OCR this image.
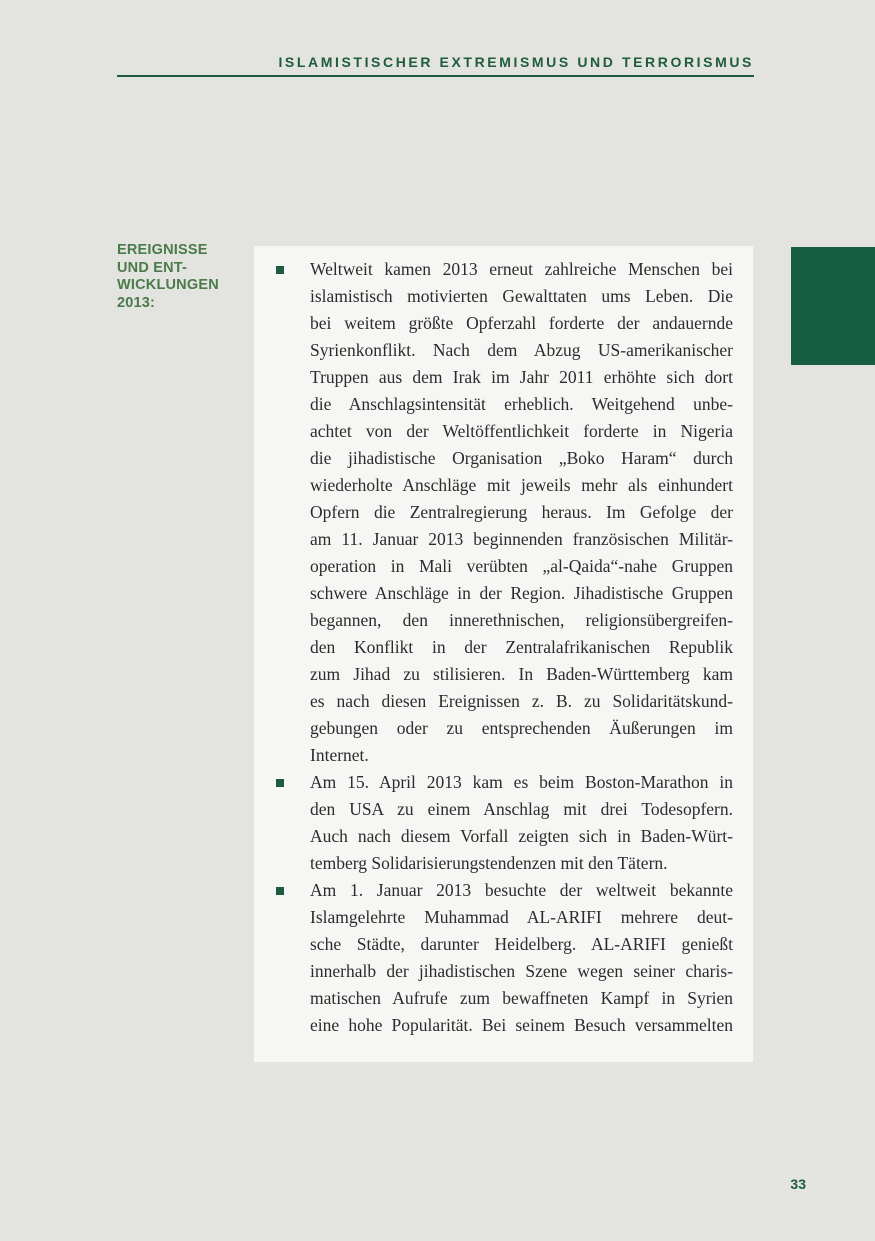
ISLAMISTISCHER EXTREMISMUS UND TERRORISMUS
EREIGNISSE
UND ENT-
WICKLUNGEN
2013:
Weltweit kamen 2013 erneut zahlreiche Menschen bei
islamistisch motivierten Gewalttaten ums Leben. Die
bei weitem größte Opferzahl forderte der andauernde
Syrienkonflikt. Nach dem Abzug US-amerikanischer
Truppen aus dem Irak im Jahr 2011 erhöhte sich dort
die Anschlagsintensität erheblich. Weitgehend unbe-
achtet von der Weltöffentlichkeit forderte in Nigeria
die jihadistische Organisation „Boko Haram“ durch
wiederholte Anschläge mit jeweils mehr als einhundert
Opfern die Zentralregierung heraus. Im Gefolge der
am 11. Januar 2013 beginnenden französischen Militär-
operation in Mali verübten „al-Qaida“-nahe Gruppen
schwere Anschläge in der Region. Jihadistische Gruppen
begannen, den innerethnischen, religionsübergreifen-
den Konflikt in der Zentralafrikanischen Republik
zum Jihad zu stilisieren. In Baden-Württemberg kam
es nach diesen Ereignissen z. B. zu Solidaritätskund-
gebungen oder zu entsprechenden Äußerungen im
Internet.
Am 15. April 2013 kam es beim Boston-Marathon in
den USA zu einem Anschlag mit drei Todesopfern.
Auch nach diesem Vorfall zeigten sich in Baden-Würt-
temberg Solidarisierungstendenzen mit den Tätern.
Am 1. Januar 2013 besuchte der weltweit bekannte
Islamgelehrte Muhammad AL-ARIFI mehrere deut-
sche Städte, darunter Heidelberg. AL-ARIFI genießt
innerhalb der jihadistischen Szene wegen seiner charis-
matischen Aufrufe zum bewaffneten Kampf in Syrien
eine hohe Popularität. Bei seinem Besuch versammelten
33
